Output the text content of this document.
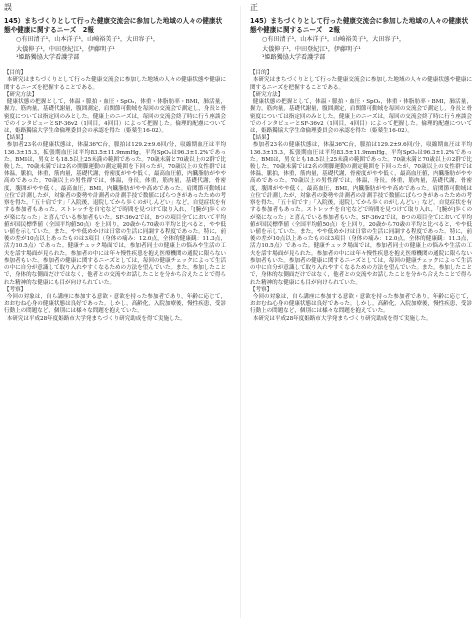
誤
145）まちづくりとして行った健康交流会に参加した地域の人々の健康状態や健康に関するニーズ　2報
○有田清子¹，山本洋子¹，山崎裕美子¹，大田容子¹，
大儀伸子¹，中田登紀江¹，伊藤明子¹
¹姫路獨協大学看護学部
【目的】
本研究はまちづくりとして行った健康交流会に参加した地域の人々の健康状態や健康に関するニーズを把握することである。
【研究方法】
健康状態の把握として，体温・脈拍・血圧・SpO₂，体重・体脂肪率・BMI，肺活量，握力，筋肉量，基礎代謝量，腹囲測定，肩関節可動域を毎回の交流会で測定し，身長と骨密度については指定回のみとした。健康上のニーズは，毎回の交流会終了時に行う座談会でのインタビューとSF-36v2（1回目，4回目）によって把握した。倫理的配慮については，姫路獨協大学生命倫理委員会の承認を得た（姫薬生16-02）。
【結果】
参加者23名の健康状態は，体温36℃台，脈拍は129.2±9.6回/分，収縮期血圧は平均136.3±15.3，拡張期血圧は平均83.5±11.9mmHg，平均SpO₂は96.3±1.2%であった。BMIは，男女とも18.5以上25未満の範囲であった。70歳未満と70歳以上の2群で比較した。70歳未満では2名の開脚運動の測定範囲を下回ったが，70歳以上の女性群では体温，脈拍，体重，筋肉量，基礎代謝，骨密度がやや低く，最高血圧値，内臓脂肪がやや高めであった。70歳以上の男性群では，体温，身長，体重，筋肉量，基礎代謝，骨密度，腹囲がやや低く，最高血圧，BMI，内臓脂肪がやや高めであった。肩関節可動域は立位で計測したが，対象者の姿勢や計測者の計測手技で数値にばらつきがあったための考察を得た。「五十肩です」「入院後，退院してから歩くのがしんどい」など，自覚症状を有する参加者もあった。ストレッチを自宅などで時間を見つけて取り入れ，「[腕が]歩くのが楽になった」と喜んでいる参加者もいた。SF-36v2では，8つの項目全てにおいて平均値が国民標準値（全国平均値50点）を上回り，20歳から70歳の平均と比べると，やや低い値を示していた。また，やや低めかけは日常の生活に同調する程度であった。特に，前後の差が10点以上あったものは3項目（身体の痛み：12.0点，全体的健康観：11.3点，活力10.5点）であった。健康チェック場面では，参加者同士の健康上の悩みや生活の工夫を話す場面が見られた。参加者の中には年々慢性疾患を抱え医療機関の通院に限らない参加者もいた。参加者の健康に関するニーズとしては，毎回の健康チェックによって生活の中に自分が意識して取り入れやすくなるための方法を望んでいた。また，参加したことで，身体的な側面だけではなく，他者との交流やお話したことを分かち合えたことで得られた精神的な健康にも目が向けられていた。
【考察】
今回の対象は，自ら講座に参加する意欲・意欲を持った参加者であり，年齢に応じて，おおむね心身の健康状態は良好であった。しかし，高齢化，入院加療後，慢性疾患，受診行動上の問題など，個別には様々な問題を抱えていた。
本研究は平成28年度姫路市大学発まちづくり研究助成を得て実施した。
正
145）まちづくりとして行った健康交流会に参加した地域の人々の健康状態や健康に関するニーズ　2報
○有田清子¹，山本洋子¹，山崎裕美子¹，大田容子¹，
大儀伸子¹，中田登紀江¹，伊藤明子¹
¹姫路獨協大学看護学部
【目的】
本研究はまちづくりとして行った健康交流会に参加した地域の人々の健康状態や健康に関するニーズを把握することである。
【研究方法】
健康状態の把握として，体温・脈拍・血圧・SpO₂，体重・体脂肪率・BMI，肺活量，握力，筋肉量，基礎代謝量，腹囲測定，肩関節可動域を毎回の交流会で測定し，身長と骨密度については指定回のみとした。健康上のニーズは，毎回の交流会終了時に行う座談会でのインタビューとSF-36v2（1回目，4回目）によって把握した。倫理的配慮については，姫路獨協大学生命倫理委員会の承認を得た（姫薬生16-02）。
【結果】
参加者23名の健康状態は，体温36℃台，脈拍は129.2±9.6回/分，収縮期血圧は平均136.3±15.3，拡張期血圧は平均83.5±11.9mmHg，平均SpO₂は96.3±1.2%であった。BMIは，男女とも18.5以上25未満の範囲であった。70歳未満と70歳以上の2群で比較した。70歳未満では2名の開脚運動の測定範囲を下回ったが，70歳以上の女性群では体温，脈拍，体重，筋肉量，基礎代謝，骨密度がやや低く，最高血圧値，内臓脂肪がやや高めであった。70歳以上の男性群では，体温，身長，体重，筋肉量，基礎代謝，骨密度，腹囲がやや低く，最高血圧，BMI，内臓脂肪がやや高めであった。肩関節可動域は立位で計測したが，対象者の姿勢や計測者の計測手技で数値にばらつきがあったための考察を得た。「五十肩です」「入院後，退院してから歩くのがしんどい」など，自覚症状を有する参加者もあった。ストレッチを自宅などで時間を見つけて取り入れ，「[腕が]歩くのが楽になった」と喜んでいる参加者もいた。SF-36v2では，8つの項目全てにおいて平均値が国民標準値（全国平均値50点）を上回り，20歳から70歳の平均と比べると，やや低い値を示していた。また，やや低めかけは日常の生活に同調する程度であった。特に，前後の差が10点以上あったものは3項目（身体の痛み：12.0点，全体的健康観：11.3点，活力10.5点）であった。健康チェック場面では，参加者同士の健康上の悩みや生活の工夫を話す場面が見られた。参加者の中には年々慢性疾患を抱え医療機関の通院に限らない参加者もいた。参加者の健康に関するニーズとしては，毎回の健康チェックによって生活の中に自分が意識して取り入れやすくなるための方法を望んでいた。また，参加したことで，身体的な側面だけではなく，他者との交流やお話したことを分かち合えたことで得られた精神的な健康にも目が向けられていた。
【考察】
今回の対象は，自ら講座に参加する意欲・意欲を持った参加者であり，年齢に応じて，おおむね心身の健康状態は良好であった。しかし，高齢化，入院加療後，慢性疾患，受診行動上の問題など，個別には様々な問題を抱えていた。
本研究は平成28年度姫路市大学発まちづくり研究助成を得て実施した。
